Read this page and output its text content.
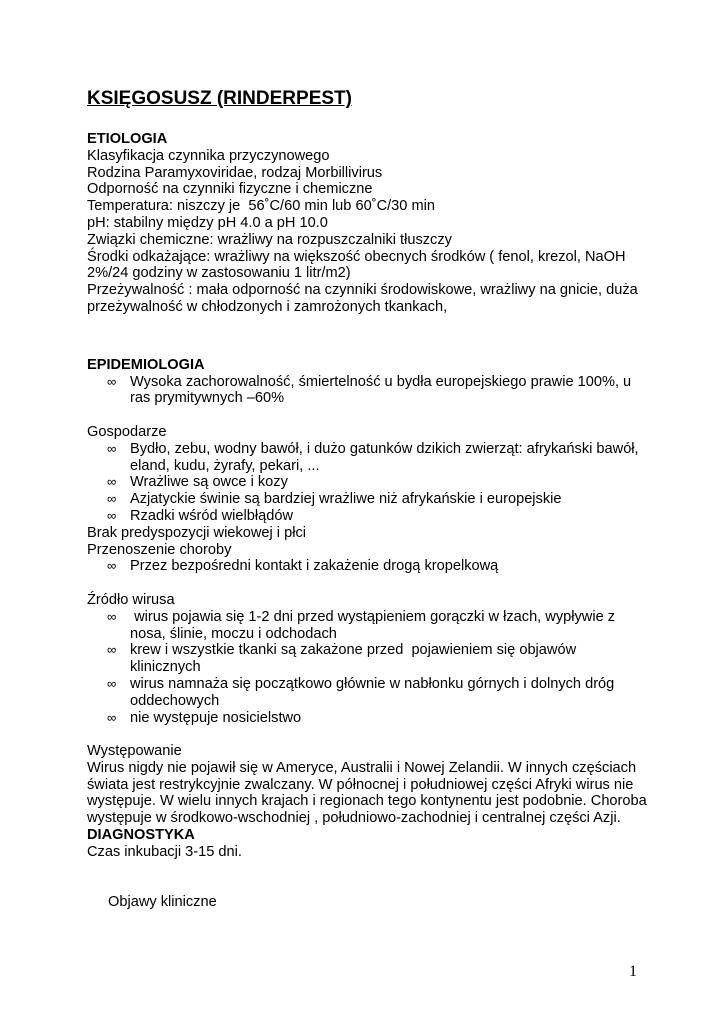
KSIĘGOSUSZ (RINDERPEST)
ETIOLOGIA
Klasyfikacja czynnika przyczynowego
Rodzina Paramyxoviridae, rodzaj Morbillivirus
Odporność na czynniki fizyczne i chemiczne
Temperatura: niszczy je  56˚C/60 min lub 60˚C/30 min
pH: stabilny między pH 4.0 a pH 10.0
Związki chemiczne: wrażliwy na rozpuszczalniki tłuszczy
Środki odkażające: wrażliwy na większość obecnych środków ( fenol, krezol, NaOH 2%/24 godziny w zastosowaniu 1 litr/m2)
Przeżywalność : mała odporność na czynniki środowiskowe, wrażliwy na gnicie, duża przeżywalność w chłodzonych i zamrożonych tkankach,
EPIDEMIOLOGIA
∞ Wysoka zachorowalność, śmiertelność u bydła europejskiego prawie 100%, u ras prymitywnych –60%
Gospodarze
∞ Bydło, zebu, wodny bawół, i dużo gatunków dzikich zwierząt: afrykański bawół, eland, kudu, żyrafy, pekari, ...
∞ Wrażliwe są owce i kozy
∞ Azjatyckie świnie są bardziej wrażliwe niż afrykańskie i europejskie
∞ Rzadki wśród wielbłądów
Brak predyspozycji wiekowej i płci
Przenoszenie choroby
∞ Przez bezpośredni kontakt i zakażenie drogą kropelkową
Źródło wirusa
∞ wirus pojawia się 1-2 dni przed wystąpieniem gorączki w łzach, wypływie z nosa, ślinie, moczu i odchodach
∞ krew i wszystkie tkanki są zakażone przed  pojawieniem się objawów klinicznych
∞ wirus namnaża się początkowo głównie w nabłonku górnych i dolnych dróg oddechowych
∞ nie występuje nosicielstwo
Występowanie
Wirus nigdy nie pojawił się w Ameryce, Australii i Nowej Zelandii. W innych częściach świata jest restrykcyjnie zwalczany. W północnej i południowej części Afryki wirus nie występuje. W wielu innych krajach i regionach tego kontynentu jest podobnie. Choroba występuje w środkowo-wschodniej , południowo-zachodniej i centralnej części Azji.
DIAGNOSTYKA
Czas inkubacji 3-15 dni.
Objawy kliniczne
1
